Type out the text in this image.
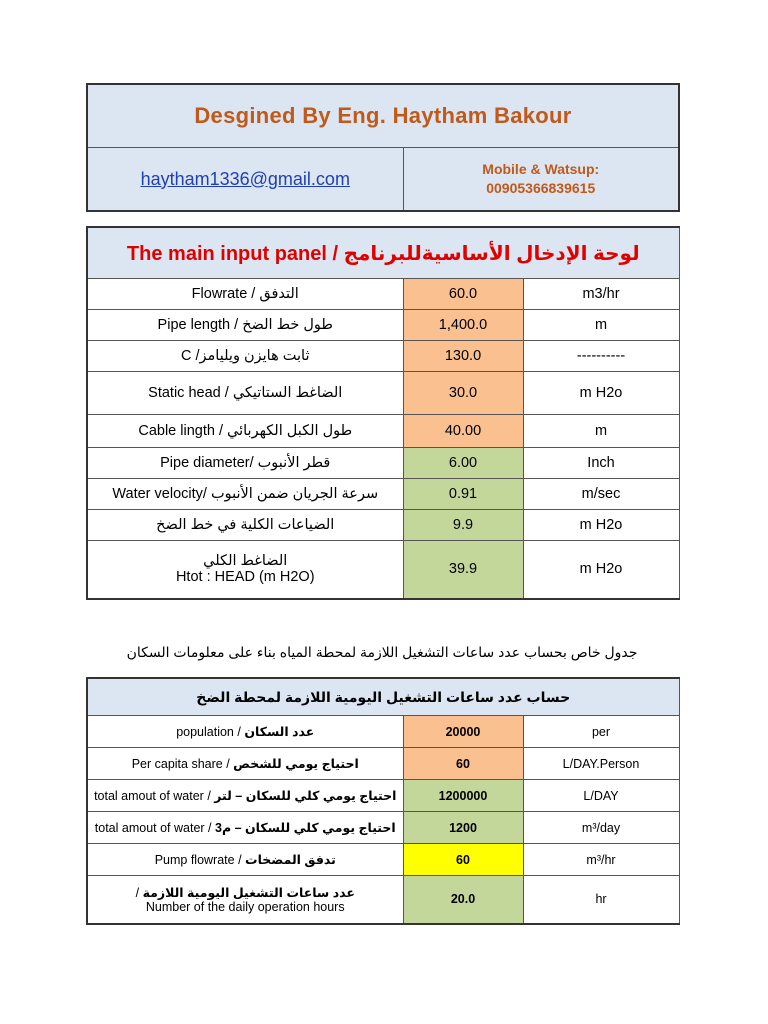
Desgined By Eng. Haytham Bakour
haytham1336@gmail.com	Mobile & Watsup:
00905366839615
لوحة الإدخال الأساسيةللبرنامج / The main input panel		
التدفق / Flowrate	60.0	m3/hr
طول خط الضخ / Pipe length	1,400.0	m
ثابت هايزن ويليامز/ C	130.0	----------
الضاغط الستاتيكي / Static head	30.0	m H2o
طول الكبل الكهربائي / Cable lingth	40.00	m
قطر الأنبوب /Pipe diameter	6.00	Inch
سرعة الجريان ضمن الأنبوب /Water velocity	0.91	m/sec
الضياعات الكلية في خط الضخ	9.9	m H2o

الضاغط الكلي
Htot : HEAD (m H2O)	39.9	m H2o
جدول خاص بحساب عدد ساعات التشغيل اللازمة لمحطة المياه بناء على معلومات السكان
حساب عدد ساعات التشغيل اليومية اللازمة لمحطة الضخ		
عدد السكان / population	20000	per
احتياج يومي للشخص / Per capita share	60	L/DAY.Person
احتياج يومي كلي للسكان – لتر / total amout of water	1200000	L/DAY
احتياج يومي كلي للسكان – م3 / total amout of water	1200	m³/day
تدفق المضخات / Pump flowrate	60	m³/hr

عدد ساعات التشغيل اليومية اللازمة /
Number of the daily operation hours	20.0	hr
